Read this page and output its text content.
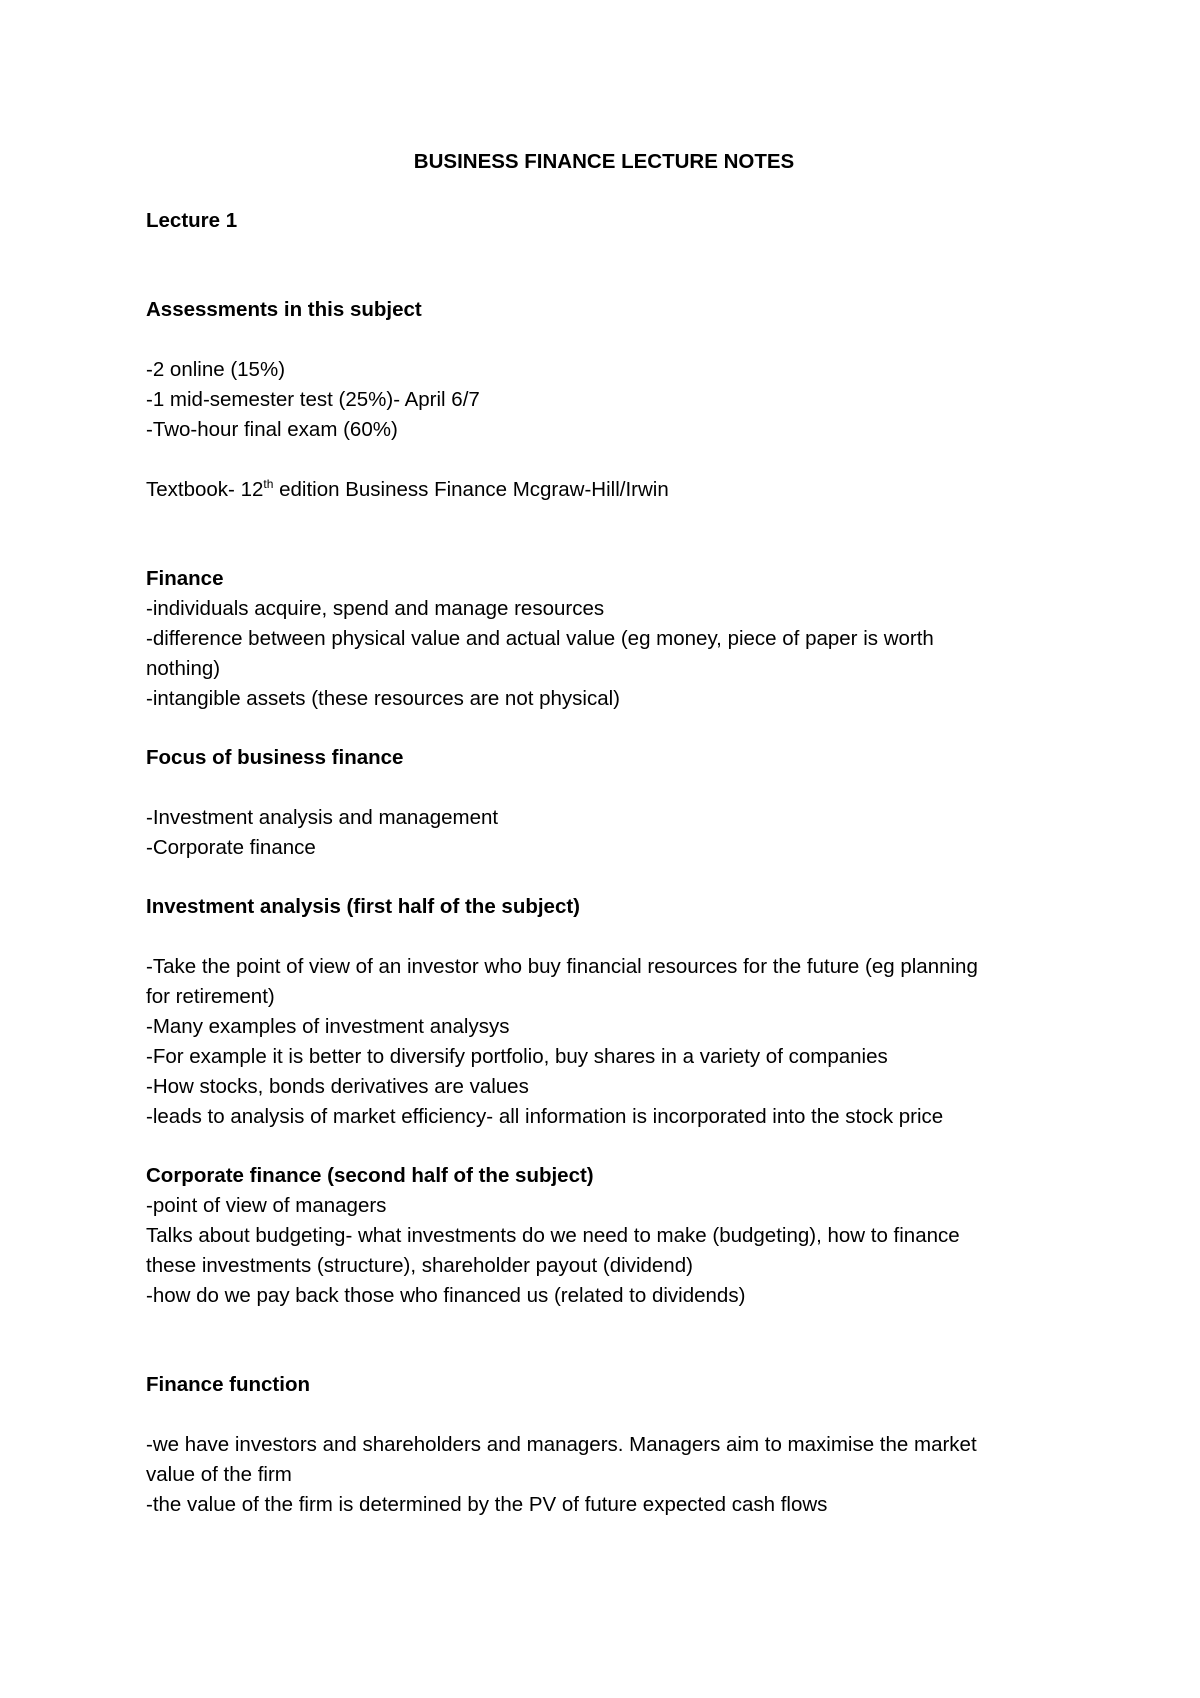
BUSINESS FINANCE LECTURE NOTES
Lecture 1
Assessments in this subject
-2 online (15%)
-1 mid-semester test (25%)- April 6/7
-Two-hour final exam (60%)
Textbook- 12th edition Business Finance Mcgraw-Hill/Irwin
Finance
-individuals acquire, spend and manage resources
-difference between physical value and actual value (eg money, piece of paper is worth
nothing)
-intangible assets (these resources are not physical)
Focus of business finance
-Investment analysis and management
-Corporate finance
Investment analysis (first half of the subject)
-Take the point of view of an investor who buy financial resources for the future (eg planning
for retirement)
-Many examples of investment analysys
-For example it is better to diversify portfolio, buy shares in a variety of companies
-How stocks, bonds derivatives are values
-leads to analysis of market efficiency- all information is incorporated into the stock price
Corporate finance (second half of the subject)
-point of view of managers
Talks about budgeting- what investments do we need to make (budgeting), how to finance
these investments (structure), shareholder payout (dividend)
-how do we pay back those who financed us (related to dividends)
Finance function
-we have investors and shareholders and managers. Managers aim to maximise the market
value of the firm
-the value of the firm is determined by the PV of future expected cash flows
